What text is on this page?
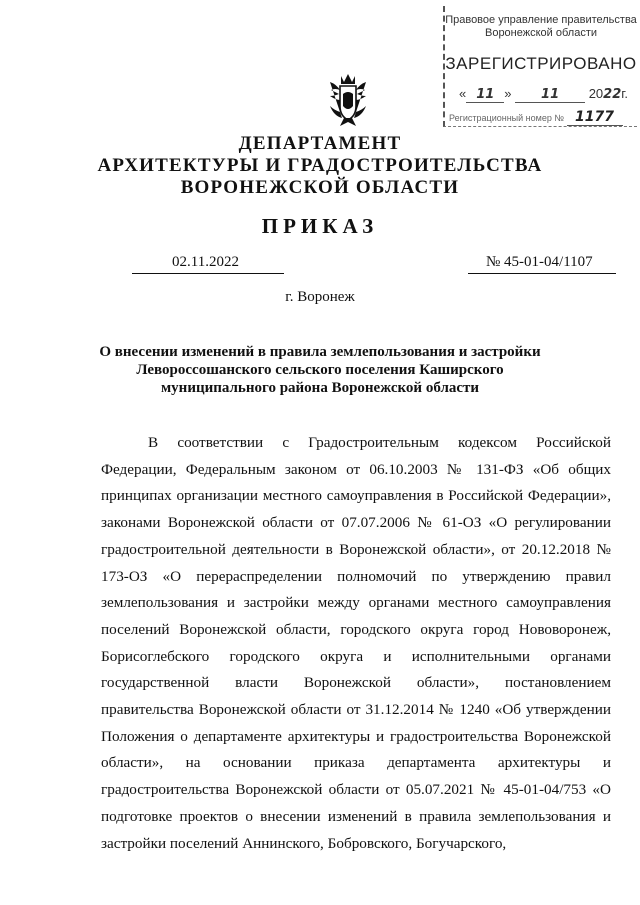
Правовое управление правительства
Воронежской области
ЗАРЕГИСТРИРОВАНО
« 11 » 11 2022г.
Регистрационный номер № 1177
ДЕПАРТАМЕНТ
АРХИТЕКТУРЫ И ГРАДОСТРОИТЕЛЬСТВА
ВОРОНЕЖСКОЙ ОБЛАСТИ
ПРИКАЗ
02.11.2022	№ 45-01-04/1107
г. Воронеж
О внесении изменений в правила землепользования и застройки Левороссошанского сельского поселения Каширского муниципального района Воронежской области
В соответствии с Градостроительным кодексом Российской Федерации, Федеральным законом от 06.10.2003 № 131-ФЗ «Об общих принципах организации местного самоуправления в Российской Федерации», законами Воронежской области от 07.07.2006 № 61-ОЗ «О регулировании градостроительной деятельности в Воронежской области», от 20.12.2018 № 173-ОЗ «О перераспределении полномочий по утверждению правил землепользования и застройки между органами местного самоуправления поселений Воронежской области, городского округа город Нововоронеж, Борисоглебского городского округа и исполнительными органами государственной власти Воронежской области», постановлением правительства Воронежской области от 31.12.2014 № 1240 «Об утверждении Положения о департаменте архитектуры и градостроительства Воронежской области», на основании приказа департамента архитектуры и градостроительства Воронежской области от 05.07.2021 № 45-01-04/753 «О подготовке проектов о внесении изменений в правила землепользования и застройки поселений Аннинского, Бобровского, Богучарского,
